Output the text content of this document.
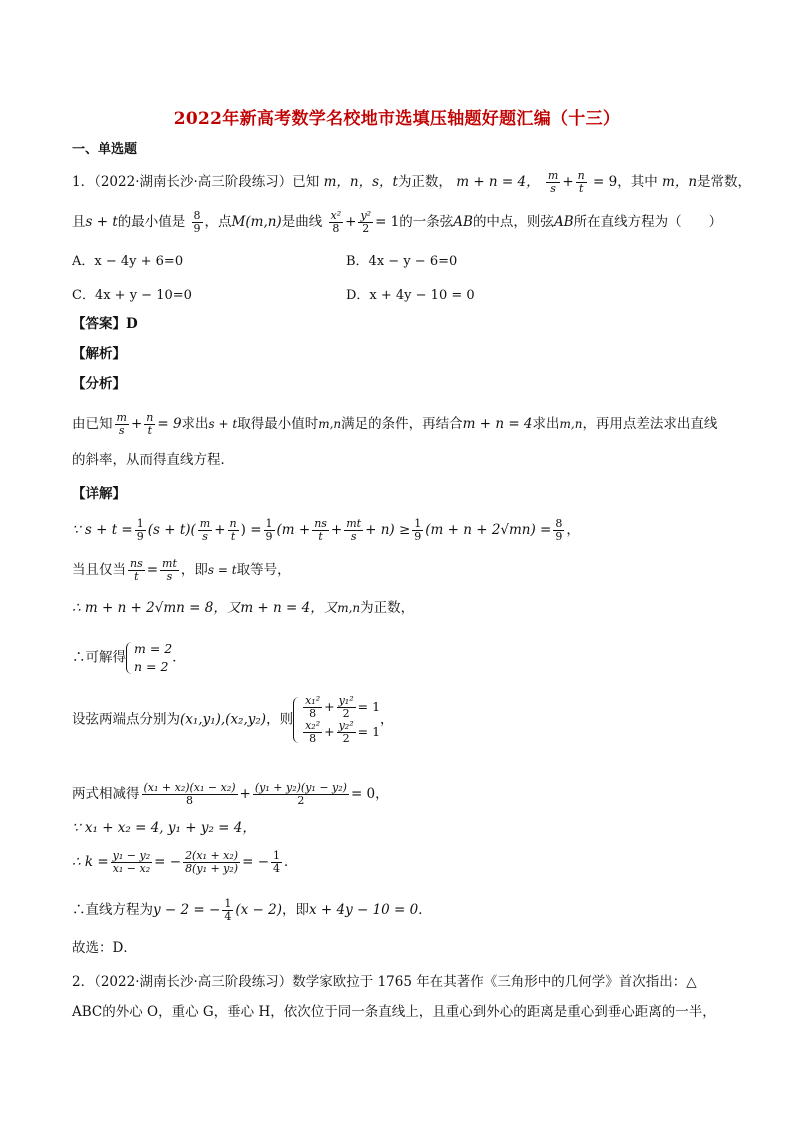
2022年新高考数学名校地市选填压轴题好题汇编（十三）
一、单选题
1．（2022·湖南长沙·高三阶段练习）已知 m，n，s，t为正数， m + n = 4， $\frac{m}{s} + \frac{n}{t} = 9$，其中 m，n是常数，
且s + t的最小值是 $\frac{8}{9}$ ，点M(m,n)是曲线 $\frac{\text{x²}}{8} + \frac{\text{y²}}{2} = 1$的一条弦AB的中点，则弦AB所在直线方程为（　　）
A．x − 4y + 6=0	B．4x − y − 6=0
C．4x + y − 10=0	D．x + 4y − 10 = 0
【答案】D
【解析】
【分析】
由已知 $\frac{m}{s} + \frac{n}{t} = 9$求出s + t取得最小值时m,n满足的条件，再结合m + n = 4求出m,n，再用点差法求出直线
的斜率，从而得直线方程．
【详解】
∵ $s + t = \frac{1}{9} (s + t)( \frac{m}{s} + \frac{n}{t}$ ) = $\frac{1}{9} (m + \frac{ns}{t} + \frac{mt}{s} + n) \ge \frac{1}{9} (m + n + 2√mn) = \frac{8}{9}$ ，
当且仅当 $\frac{ns}{t} = \frac{mt}{s}$ ，即s = t取等号，
∴ m + n + 2√mn = 8，又m + n = 4，又m,n为正数，
∴可解得
m = 2
n = 2
．
设弦两端点分别为(x₁,y₁),(x₂,y₂)，则 $\frac{\text{x₁²}}{8} + \frac{\text{y₁²}}{2} = 1$
$\frac{\text{x₂²}}{8} + \frac{\text{y₂²}}{2} = 1$
，
两式相减得 $\frac{\text{(x₁ + x₂)(x₁ − x₂)}}{8} + \frac{\text{(y₁ + y₂)(y₁ − y₂)}}{2} = 0$，
∵ x₁ + x₂ = 4, y₁ + y₂ = 4，
∴ $k = \frac{\text{y₁ − y₂}}{\text{x₁ − x₂}}$ = − $\frac{\text{2(x₁ + x₂)}}{\text{8(y₁ + y₂)}}$ = − $\frac{1}{4}$ ．
∴直线方程为y − 2 = − $\frac{1}{4} (x - 2)$，即x + 4y − 10 = 0．
故选：D．
2．（2022·湖南长沙·高三阶段练习）数学家欧拉于 1765 年在其著作《三角形中的几何学》首次指出：△
ABC的外心 O，重心 G，垂心 H，依次位于同一条直线上，且重心到外心的距离是重心到垂心距离的一半，
